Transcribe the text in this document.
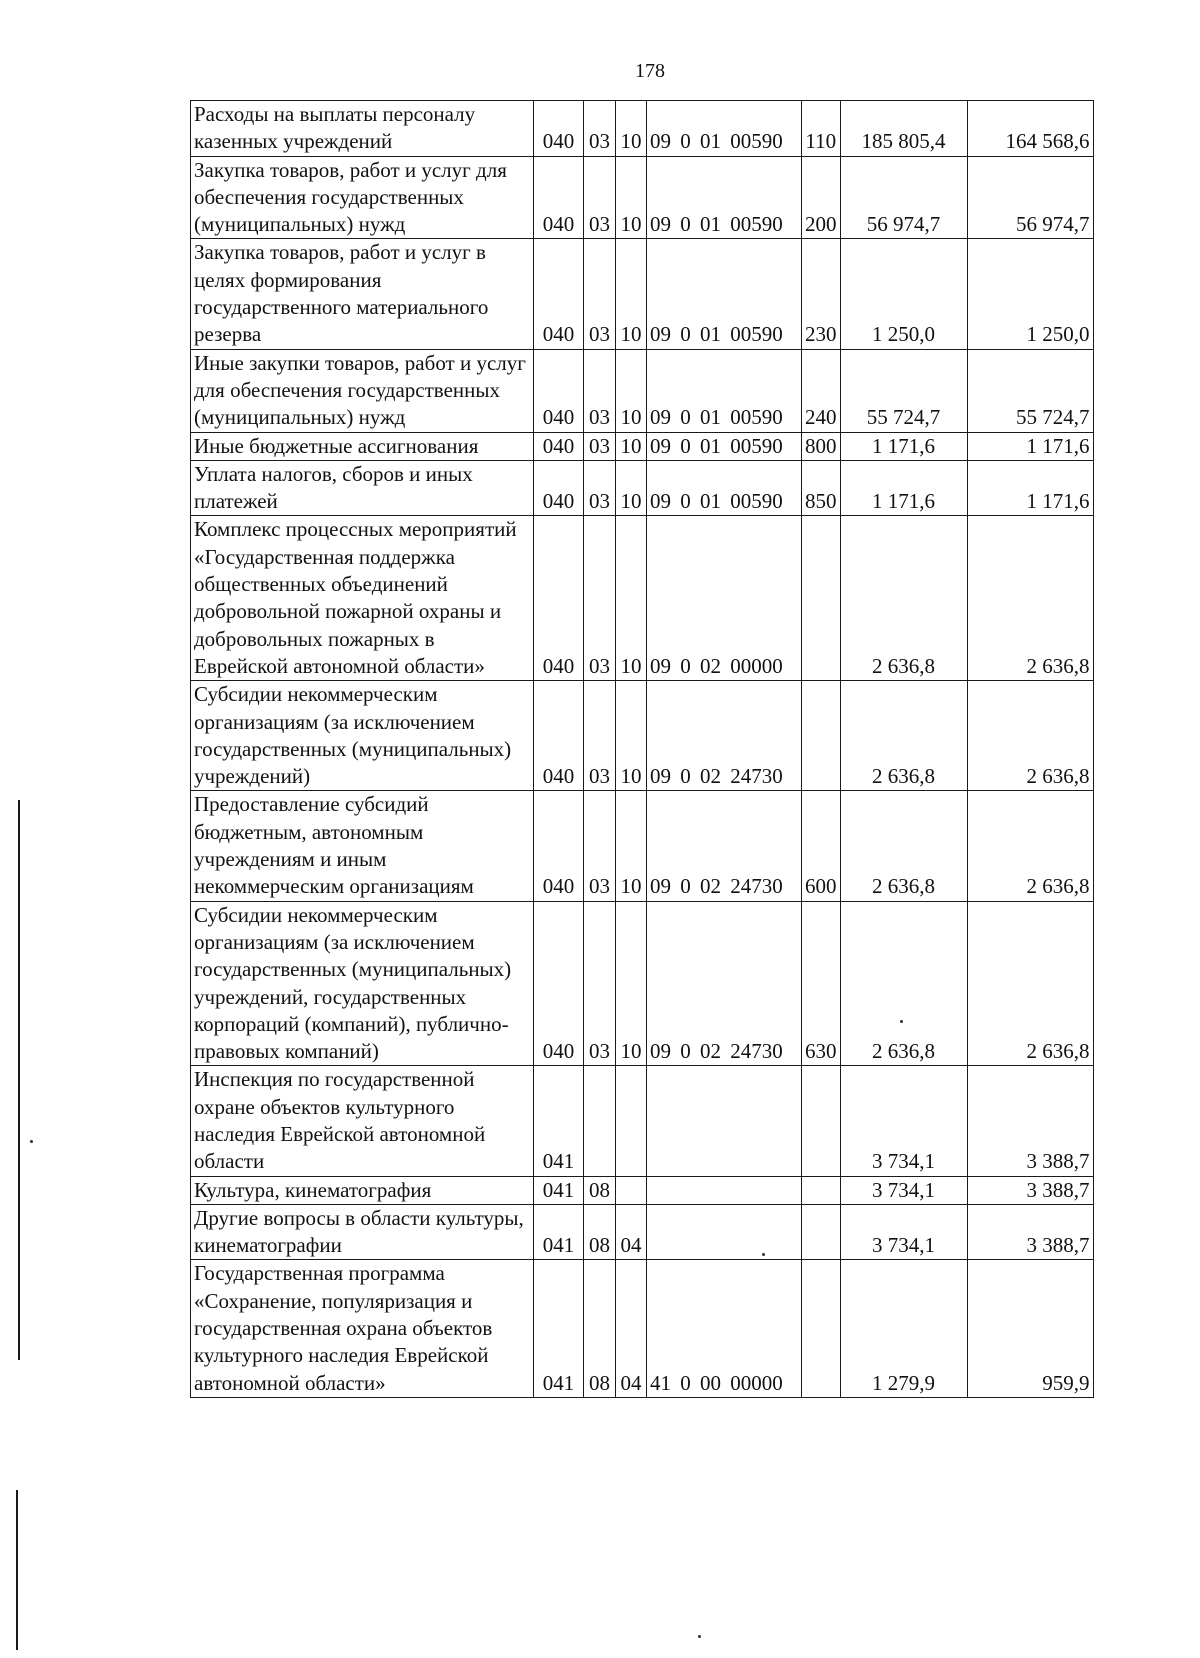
178
Расходы на выплаты персоналу казенных учреждений	040	03	10	09 0 01 00590	110	185 805,4	164 568,6
Закупка товаров, работ и услуг для обеспечения государственных (муниципальных) нужд	040	03	10	09 0 01 00590	200	56 974,7	56 974,7
Закупка товаров, работ и услуг в целях формирования государственного материального резерва	040	03	10	09 0 01 00590	230	1 250,0	1 250,0
Иные закупки товаров, работ и услуг для обеспечения государственных (муниципальных) нужд	040	03	10	09 0 01 00590	240	55 724,7	55 724,7
Иные бюджетные ассигнования	040	03	10	09 0 01 00590	800	1 171,6	1 171,6
Уплата налогов, сборов и иных платежей	040	03	10	09 0 01 00590	850	1 171,6	1 171,6
Комплекс процессных мероприятий «Государственная поддержка общественных объединений добровольной пожарной охраны и добровольных пожарных в Еврейской автономной области»	040	03	10	09 0 02 00000		2 636,8	2 636,8
Субсидии некоммерческим организациям (за исключением государственных (муниципальных) учреждений)	040	03	10	09 0 02 24730		2 636,8	2 636,8
Предоставление субсидий бюджетным, автономным учреждениям и иным некоммерческим организациям	040	03	10	09 0 02 24730	600	2 636,8	2 636,8
Субсидии некоммерческим организациям (за исключением государственных (муниципальных) учреждений, государственных корпораций (компаний), публично-правовых компаний)	040	03	10	09 0 02 24730	630	2 636,8	2 636,8
Инспекция по государственной охране объектов культурного наследия Еврейской автономной области	041					3 734,1	3 388,7
Культура, кинематография	041	08				3 734,1	3 388,7
Другие вопросы в области культуры, кинематографии	041	08	04			3 734,1	3 388,7
Государственная программа «Сохранение, популяризация и государственная охрана объектов культурного наследия Еврейской автономной области»	041	08	04	41 0 00 00000		1 279,9	959,9
